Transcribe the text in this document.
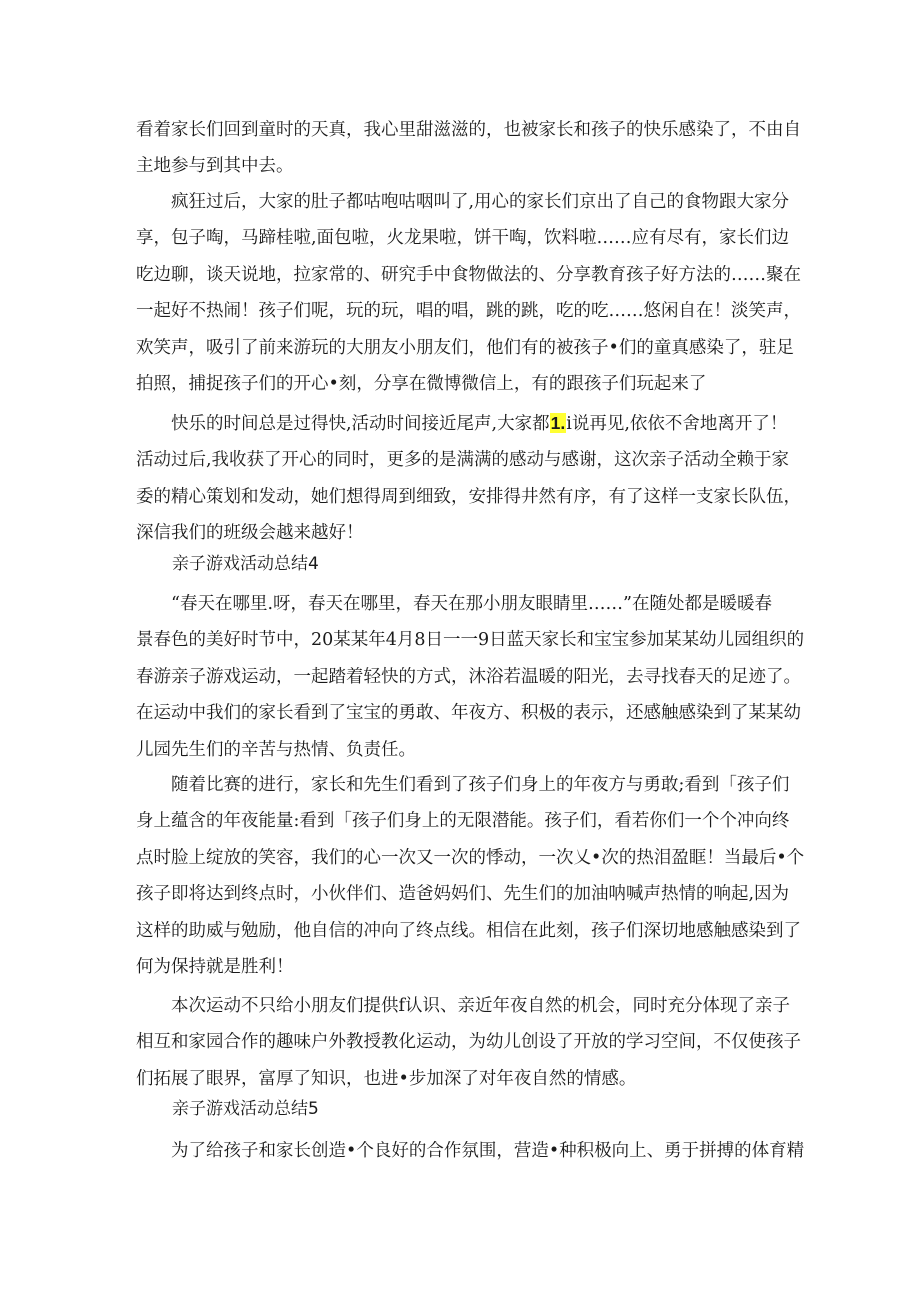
看着家长们回到童时的天真，我心里甜滋滋的，也被家长和孩子的快乐感染了，不由自
主地参与到其中去。
　　疯狂过后，大家的肚子都咕咆咕咽叫了,用心的家长们京出了自己的食物跟大家分
享，包子啕，马蹄桂啦,面包啦，火龙果啦，饼干啕，饮料啦……应有尽有，家长们边
吃边聊，谈天说地，拉家常的、研究手中食物做法的、分享教育孩子好方法的……聚在
一起好不热闹！孩子们呢，玩的玩，唱的唱，跳的跳，吃的吃……悠闲自在！淡笑声，
欢笑声，吸引了前来游玩的大朋友小朋友们，他们有的被孩子•们的童真感染了，驻足
拍照，捕捉孩子们的开心•刻，分享在微博微信上，有的跟孩子们玩起来了
　　快乐的时间总是过得快,活动时间接近尾声,大家都1.i说再见,依依不舍地离开了！
活动过后,我收获了开心的同时，更多的是满满的感动与感谢，这次亲子活动全赖于家
委的精心策划和发动，她们想得周到细致，安排得井然有序，有了这样一支家长队伍，
深信我们的班级会越来越好！
亲子游戏活动总结4
　　“春天在哪里.呀，春天在哪里，春天在那小朋友眼睛里……”在随处都是暖暖春
景春色的美好时节中，20某某年4月8日一一9日蓝天家长和宝宝参加某某幼儿园组织的
春游亲子游戏运动，一起踏着轻快的方式，沐浴若温暖的阳光，去寻找春天的足迹了。
在运动中我们的家长看到了宝宝的勇敢、年夜方、积极的表示，还感触感染到了某某幼
儿园先生们的辛苦与热情、负责任。
　　随着比赛的进行，家长和先生们看到了孩子们身上的年夜方与勇敢;看到「孩子们
身上蕴含的年夜能量:看到「孩子们身上的无限潜能。孩子们，看若你们一个个冲向终
点时脸上绽放的笑容，我们的心一次又一次的悸动，一次乂•次的热泪盈眶！当最后•个
孩子即将达到终点时，小伙伴们、造爸妈妈们、先生们的加油呐喊声热情的响起,因为
这样的助威与勉励，他自信的冲向了终点线。相信在此刻，孩子们深切地感触感染到了
何为保持就是胜利！
　　本次运动不只给小朋友们提供f认识、亲近年夜自然的机会，同时充分体现了亲子
相互和家园合作的趣味户外教授教化运动，为幼儿创设了开放的学习空间，不仅使孩子
们拓展了眼界，富厚了知识，也进•步加深了对年夜自然的情感。
亲子游戏活动总结5
　　为了给孩子和家长创造•个良好的合作氛围，营造•种积极向上、勇于拼搏的体育精
